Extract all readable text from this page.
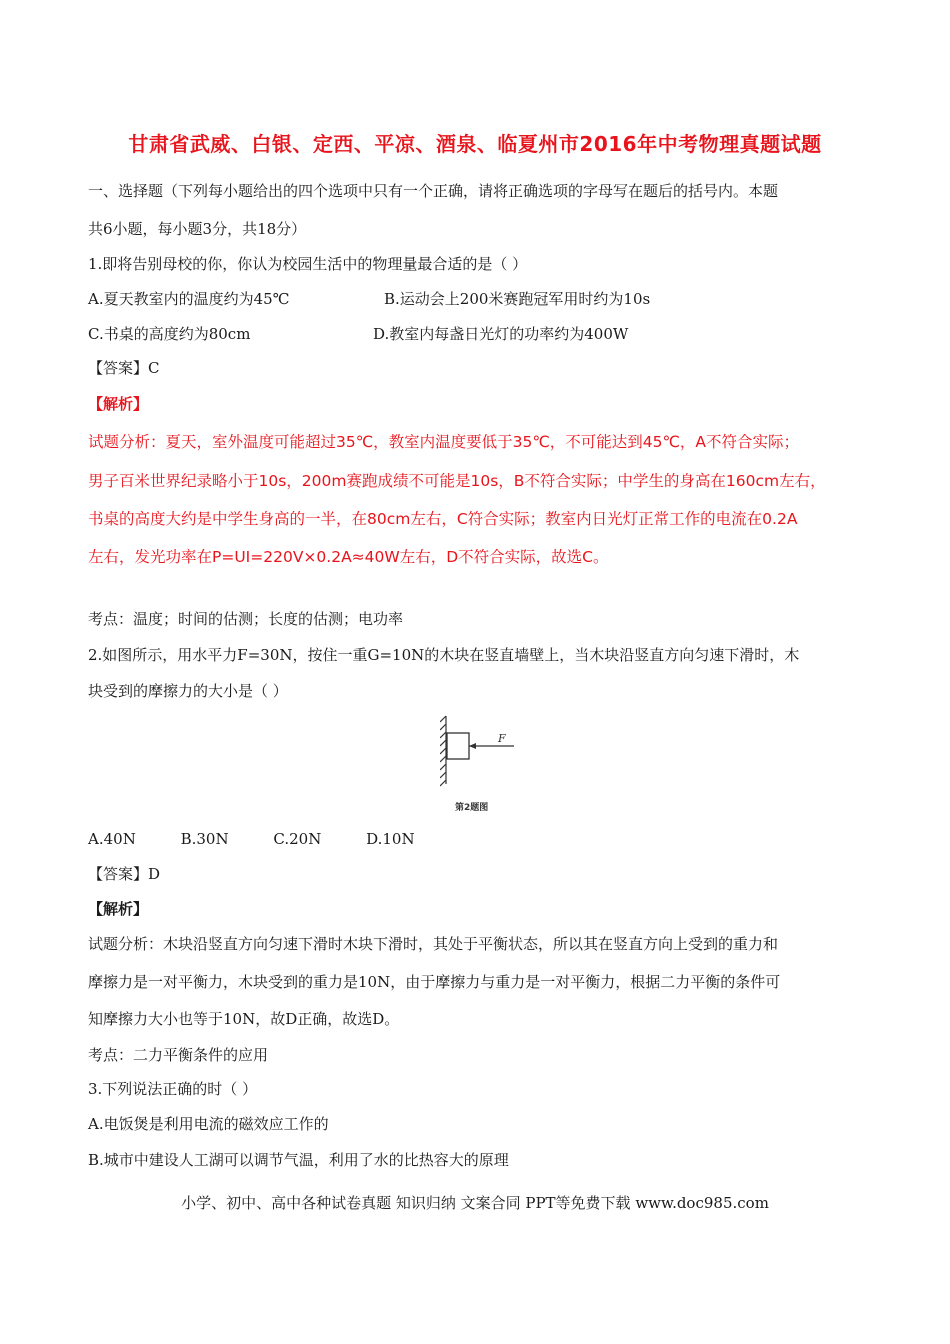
甘肃省武威、白银、定西、平凉、酒泉、临夏州市2016年中考物理真题试题
一、选择题（下列每小题给出的四个选项中只有一个正确，请将正确选项的字母写在题后的括号内。本题
共6小题，每小题3分，共18分）
1.即将告别母校的你，你认为校园生活中的物理量最合适的是（ ）
A.夏天教室内的温度约为45℃	B.运动会上200米赛跑冠军用时约为10s
C.书桌的高度约为80cm	D.教室内每盏日光灯的功率约为400W
【答案】C
【解析】
试题分析：夏天，室外温度可能超过35℃，教室内温度要低于35℃，不可能达到45℃，A不符合实际；
男子百米世界纪录略小于10s，200m赛跑成绩不可能是10s，B不符合实际；中学生的身高在160cm左右，
书桌的高度大约是中学生身高的一半，在80cm左右，C符合实际；教室内日光灯正常工作的电流在0.2A
左右，发光功率在P=UI=220V×0.2A≈40W左右，D不符合实际，故选C。
考点：温度；时间的估测；长度的估测；电功率
2.如图所示，用水平力F=30N，按住一重G=10N的木块在竖直墙壁上，当木块沿竖直方向匀速下滑时，木
块受到的摩擦力的大小是（ ）
F
第2题图
A.40N	B.30N	C.20N	D.10N
【答案】D
【解析】
试题分析：木块沿竖直方向匀速下滑时木块下滑时，其处于平衡状态，所以其在竖直方向上受到的重力和
摩擦力是一对平衡力，木块受到的重力是10N，由于摩擦力与重力是一对平衡力，根据二力平衡的条件可
知摩擦力大小也等于10N，故D正确，故选D。
考点：二力平衡条件的应用
3.下列说法正确的时（ ）
A.电饭煲是利用电流的磁效应工作的
B.城市中建设人工湖可以调节气温，利用了水的比热容大的原理
小学、初中、高中各种试卷真题 知识归纳 文案合同 PPT等免费下载 www.doc985.com
